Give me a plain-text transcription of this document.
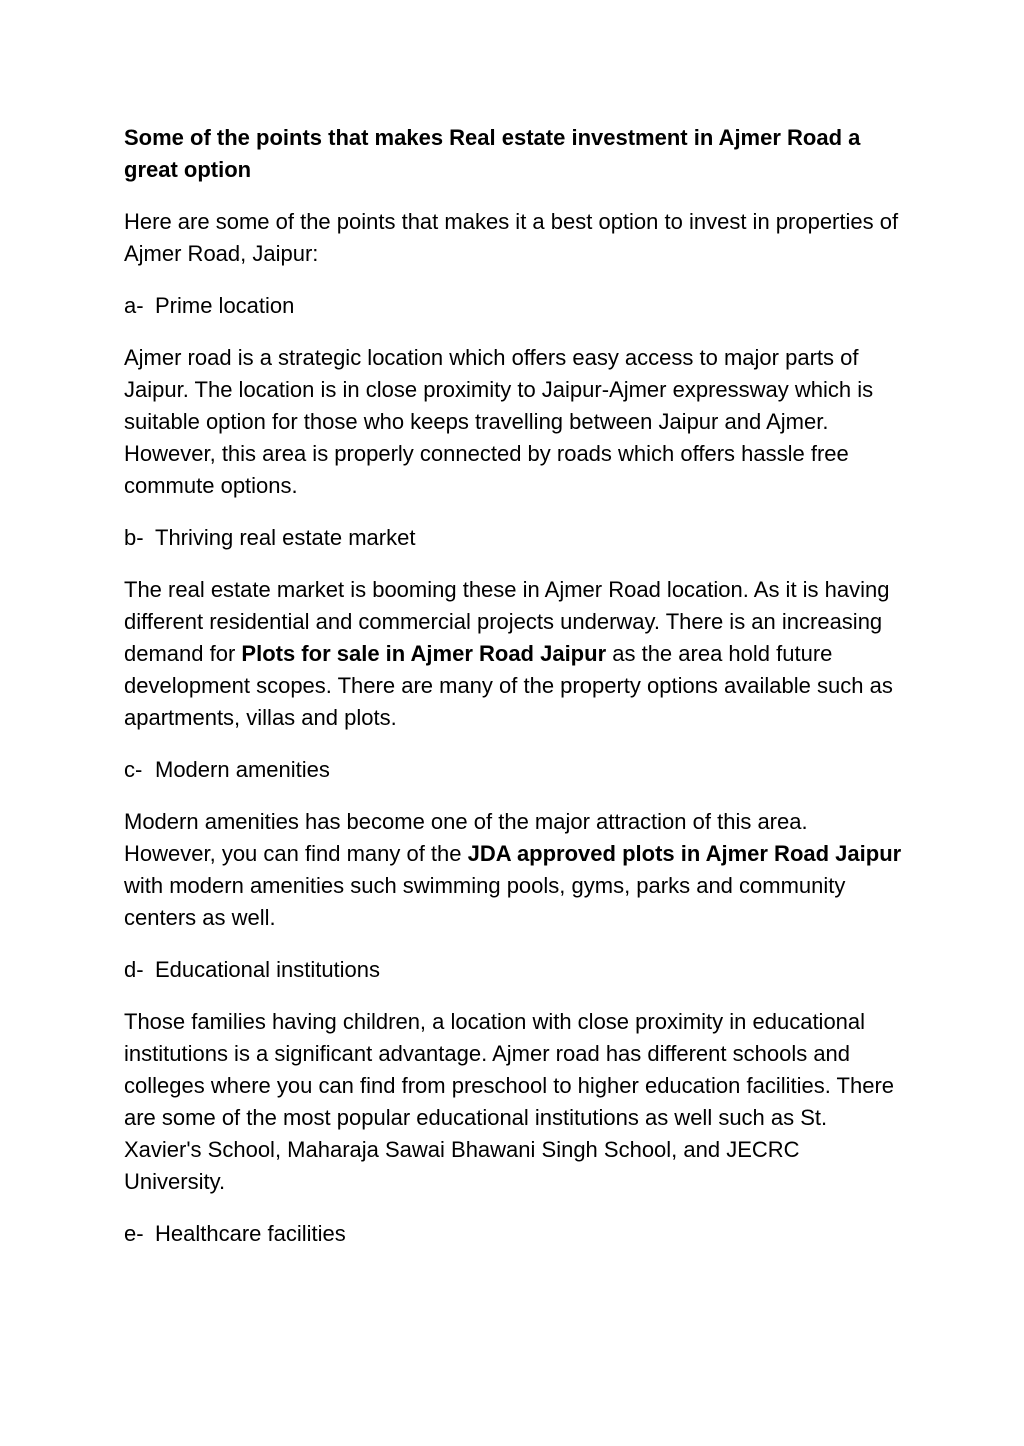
Some of the points that makes Real estate investment in Ajmer Road a great option

Here are some of the points that makes it a best option to invest in properties of Ajmer Road, Jaipur:

a- Prime location

Ajmer road is a strategic location which offers easy access to major parts of Jaipur. The location is in close proximity to Jaipur-Ajmer expressway which is suitable option for those who keeps travelling between Jaipur and Ajmer. However, this area is properly connected by roads which offers hassle free commute options.

b- Thriving real estate market

The real estate market is booming these in Ajmer Road location. As it is having different residential and commercial projects underway. There is an increasing demand for Plots for sale in Ajmer Road Jaipur as the area hold future development scopes. There are many of the property options available such as apartments, villas and plots.

c- Modern amenities

Modern amenities has become one of the major attraction of this area. However, you can find many of the JDA approved plots in Ajmer Road Jaipur with modern amenities such swimming pools, gyms, parks and community centers as well.

d- Educational institutions

Those families having children, a location with close proximity in educational institutions is a significant advantage. Ajmer road has different schools and colleges where you can find from preschool to higher education facilities. There are some of the most popular educational institutions as well such as St. Xavier's School, Maharaja Sawai Bhawani Singh School, and JECRC University.

e- Healthcare facilities
